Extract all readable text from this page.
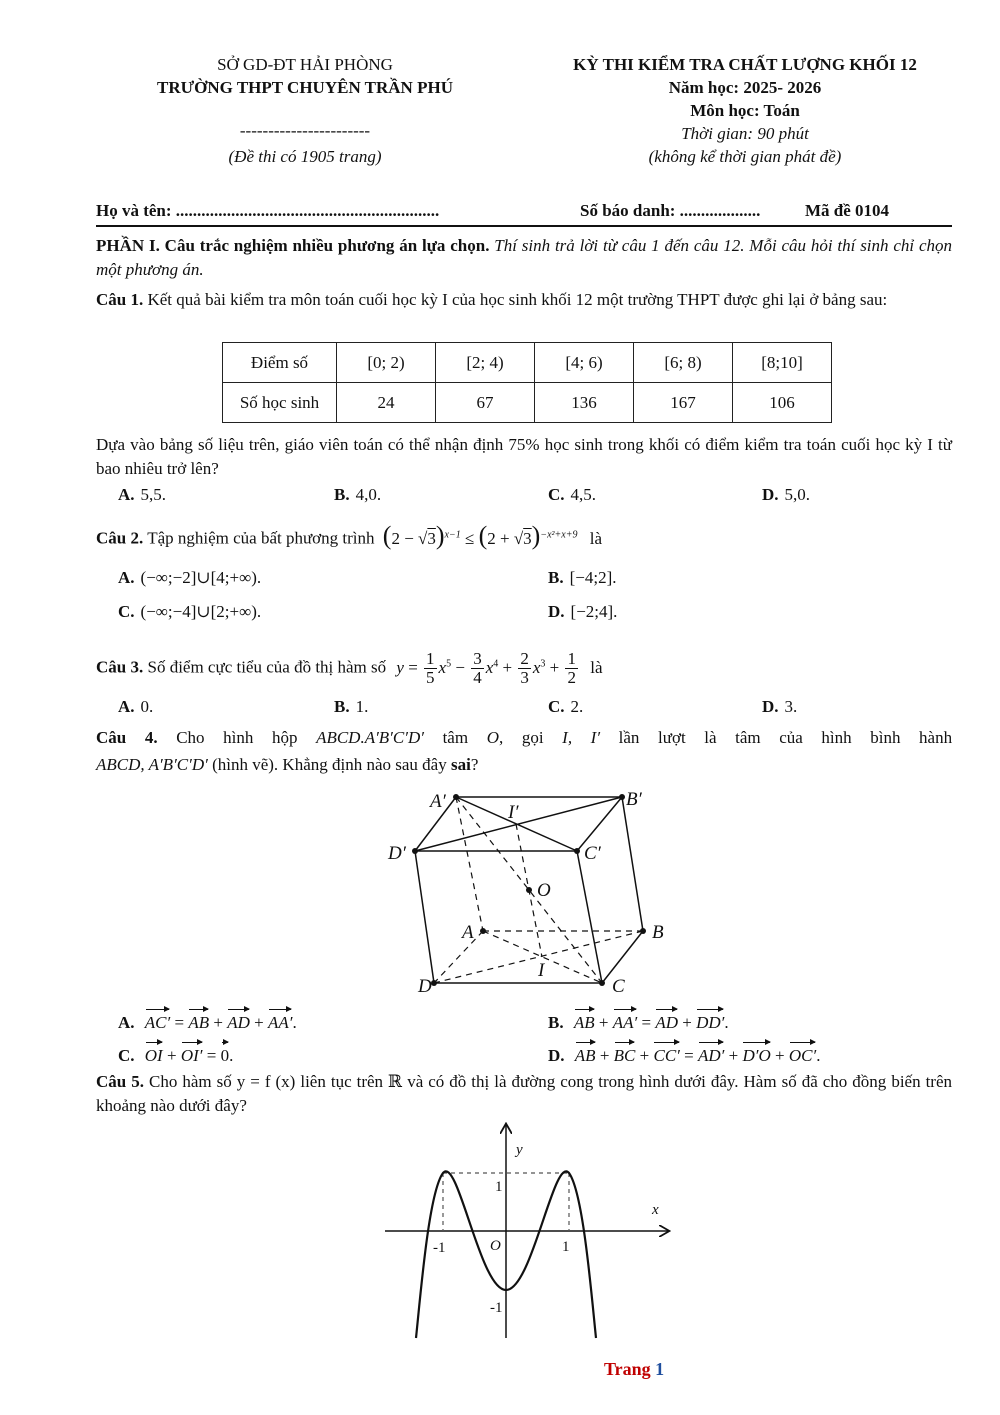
SỞ GD-ĐT HẢI PHÒNG
TRƯỜNG THPT CHUYÊN TRẦN PHÚ
-----------------------
(Đề thi có 1905 trang)
KỲ THI KIỂM TRA CHẤT LƯỢNG KHỐI 12
Năm học: 2025- 2026
Môn học: Toán
Thời gian: 90 phút
(không kể thời gian phát đề)
Họ và tên: ..............................................................	Số báo danh: ...................	Mã đề 0104
PHẦN I. Câu trắc nghiệm nhiều phương án lựa chọn. Thí sinh trả lời từ câu 1 đến câu 12. Mỗi câu hỏi thí sinh chỉ chọn một phương án.
Câu 1. Kết quả bài kiểm tra môn toán cuối học kỳ I của học sinh khối 12 một trường THPT được ghi lại ở bảng sau:
Điểm số	[0; 2)	[2; 4)	[4; 6)	[6; 8)	[8;10]
Số học sinh	24	67	136	167	106
Dựa vào bảng số liệu trên, giáo viên toán có thể nhận định 75% học sinh trong khối có điểm kiểm tra toán cuối học kỳ I từ bao nhiêu trở lên?
A. 5,5.	B. 4,0.	C. 4,5.	D. 5,0.
Câu 2. Tập nghiệm của bất phương trình $(2 - √3)^{x-1} \le (2 + √3)^{-x^2+x+9}$ là
A. (−∞;−2]∪[4;+∞).	B. [−4;2].
C. (−∞;−4]∪[2;+∞).	D. [−2;4].
Câu 3. Số điểm cực tiểu của đồ thị hàm số $y = \frac{1}{5} x^5 - \frac{3}{4} x^4 + \frac{2}{3} x^3 + \frac{1}{2}$ là
A. 0.	B. 1.	C. 2.	D. 3.
Câu 4. Cho hình hộp ABCD.A′B′C′D′ tâm O, gọi I, I′ lần lượt là tâm của hình bình hành
ABCD, A′B′C′D′ (hình vẽ). Khẳng định nào sau đây sai?
A′	B′
D′	C′
I′
O
A	B
D	C
I
A. AC′ = AB + AD + AA′.	B. AB + AA′ = AD + DD′.
C. OI + OI′ = 0.	D. AB + BC + CC′ = AD′ + D′O + OC′.
Câu 5. Cho hàm số y = f (x) liên tục trên ℝ và có đồ thị là đường cong trong hình dưới đây. Hàm số đã cho đồng biến trên khoảng nào dưới đây?
y
x
O
1
-1	1
-1
Trang 1
